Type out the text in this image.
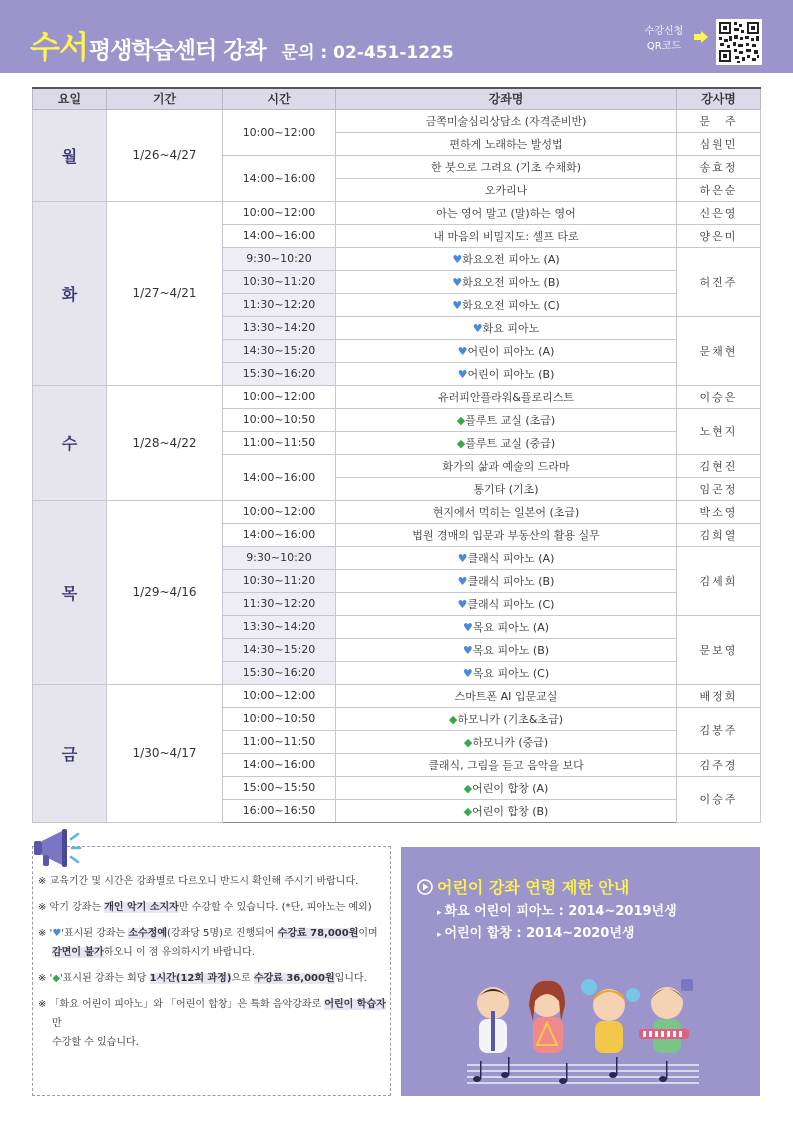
수서 평생학습센터 강좌 문의 : 02-451-1225
수강신청
QR코드
요일	기간	시간	강좌명	강사명
월	1/26~4/27	10:00~12:00	금쪽미술심리상담소 (자격준비반)	문　주
			편하게 노래하는 발성법	심원민
		14:00~16:00	한 붓으로 그려요 (기초 수채화)	송효정
			오카리나	하은순
화	1/27~4/21	10:00~12:00	아는 영어 말고 (말)하는 영어	신은영
		14:00~16:00	내 마음의 비밀지도: 셀프 타로	양은미
		9:30~10:20	♥화요오전 피아노 (A)	허진주
		10:30~11:20	♥화요오전 피아노 (B)	
		11:30~12:20	♥화요오전 피아노 (C)	
		13:30~14:20	♥화요 피아노	문채현
		14:30~15:20	♥어린이 피아노 (A)	
		15:30~16:20	♥어린이 피아노 (B)	
수	1/28~4/22	10:00~12:00	유러피안플라워&플로리스트	이승은
		10:00~10:50	◆플루트 교실 (초급)	노현지
		11:00~11:50	◆플루트 교실 (중급)	
		14:00~16:00	화가의 삶과 예술의 드라마	김현진
			통기타 (기초)	임곤정
목	1/29~4/16	10:00~12:00	현지에서 먹히는 일본어 (초급)	박소영
		14:00~16:00	법원 경매의 입문과 부동산의 활용 실무	김희열
		9:30~10:20	♥클래식 피아노 (A)	김세희
		10:30~11:20	♥클래식 피아노 (B)	
		11:30~12:20	♥클래식 피아노 (C)	
		13:30~14:20	♥목요 피아노 (A)	문보영
		14:30~15:20	♥목요 피아노 (B)	
		15:30~16:20	♥목요 피아노 (C)	
금	1/30~4/17	10:00~12:00	스마트폰 AI 입문교실	배정희
		10:00~10:50	◆하모니카 (기초&초급)	김봉주
		11:00~11:50	◆하모니카 (중급)	
		14:00~16:00	클래식, 그림을 듣고 음악을 보다	김주경
		15:00~15:50	◆어린이 합창 (A)	이승주
		16:00~16:50	◆어린이 합창 (B)	

※ 교육기간 및 시간은 강좌별로 다르오니 반드시 확인해 주시기 바랍니다.

※ 악기 강좌는 개인 악기 소지자만 수강할 수 있습니다. (*단, 피아노는 예외)

※ '♥'표시된 강좌는 소수정예(강좌당 5명)로 진행되어 수강료 78,000원이며
감면이 불가하오니 이 점 유의하시기 바랍니다.

※ '◆'표시된 강좌는 회당 1시간(12회 과정)으로 수강료 36,000원입니다.

※ 「화요 어린이 피아노」와 「어린이 합창」은 특화 음악강좌로 어린이 학습자만
수강할 수 있습니다.

어린이 강좌 연령 제한 안내
▸ 화요 어린이 피아노 : 2014~2019년생
▸ 어린이 합창 : 2014~2020년생
